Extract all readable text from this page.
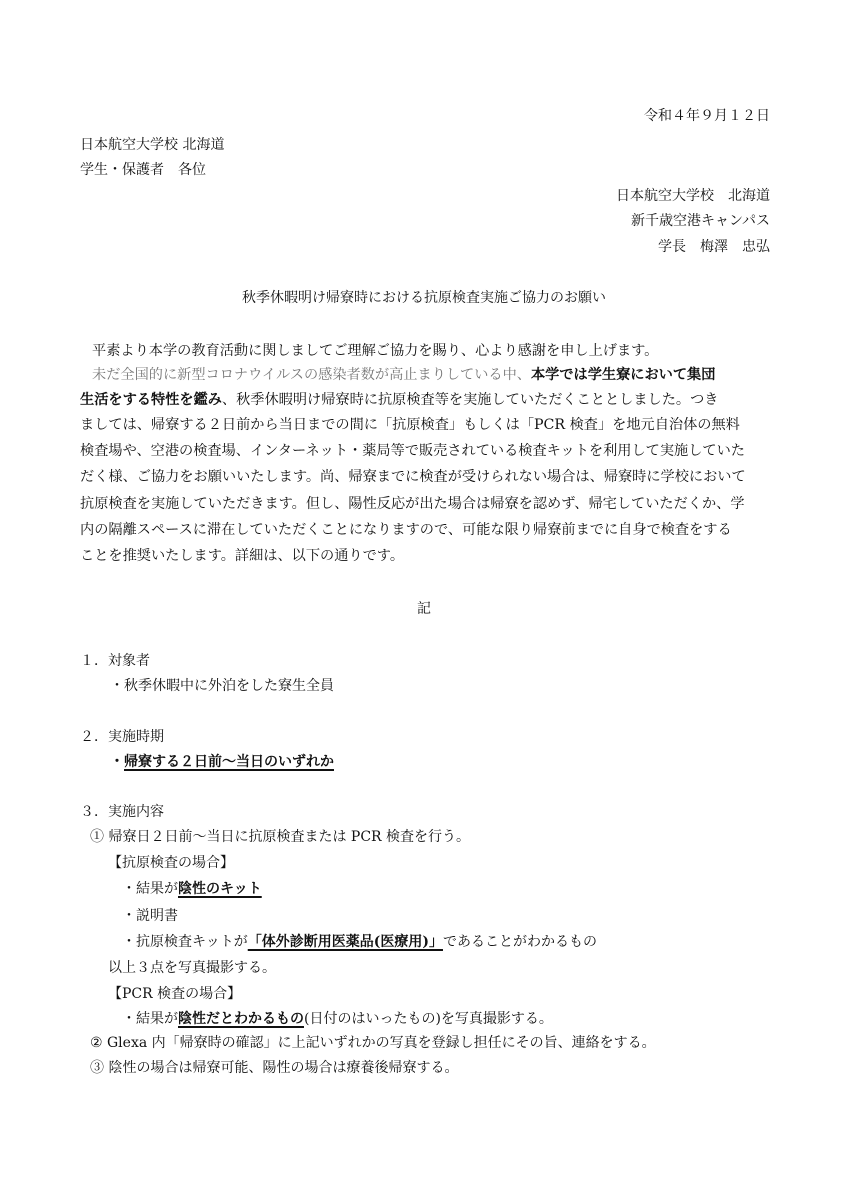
令和４年９月１２日
日本航空大学校 北海道
学生・保護者　各位
日本航空大学校　北海道
新千歳空港キャンパス
学長　梅澤　忠弘
秋季休暇明け帰寮時における抗原検査実施ご協力のお願い

平素より本学の教育活動に関しましてご理解ご協力を賜り、心より感謝を申し上げます。

未だ全国的に新型コロナウイルスの感染者数が高止まりしている中、本学では学生寮において集団

生活をする特性を鑑み、秋季休暇明け帰寮時に抗原検査等を実施していただくこととしました。つき

ましては、帰寮する２日前から当日までの間に「抗原検査」もしくは「PCR 検査」を地元自治体の無料

検査場や、空港の検査場、インターネット・薬局等で販売されている検査キットを利用して実施していた

だく様、ご協力をお願いいたします。尚、帰寮までに検査が受けられない場合は、帰寮時に学校において

抗原検査を実施していただきます。但し、陽性反応が出た場合は帰寮を認めず、帰宅していただくか、学

内の隔離スペースに滞在していただくことになりますので、可能な限り帰寮前までに自身で検査をする

ことを推奨いたします。詳細は、以下の通りです。

記
１．対象者
・秋季休暇中に外泊をした寮生全員
２．実施時期
・帰寮する２日前～当日のいずれか
３．実施内容
① 帰寮日２日前～当日に抗原検査または PCR 検査を行う。
【抗原検査の場合】
・結果が陰性のキット
・説明書
・抗原検査キットが「体外診断用医薬品(医療用)」であることがわかるもの
以上３点を写真撮影する。
【PCR 検査の場合】
・結果が陰性だとわかるもの(日付のはいったもの)を写真撮影する。
② Glexa 内「帰寮時の確認」に上記いずれかの写真を登録し担任にその旨、連絡をする。
③ 陰性の場合は帰寮可能、陽性の場合は療養後帰寮する。
